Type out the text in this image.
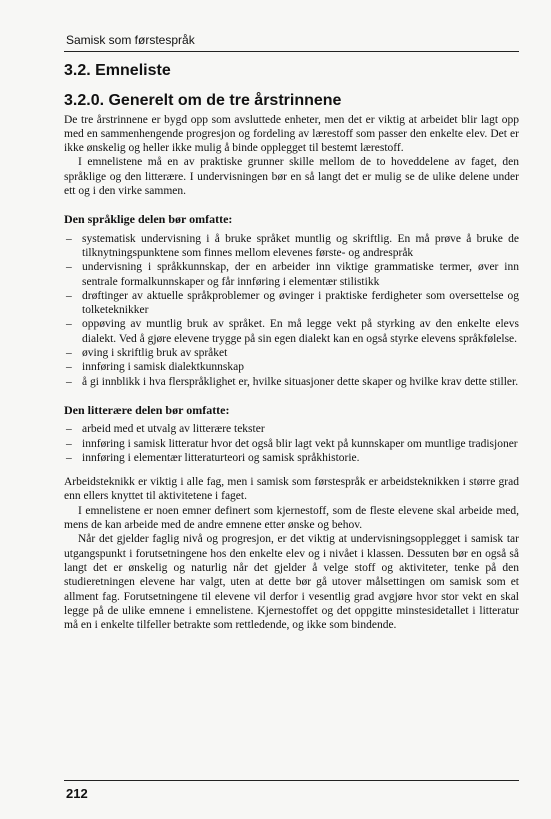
Samisk som førstespråk
3.2. Emneliste
3.2.0. Generelt om de tre årstrinnene

De tre årstrinnene er bygd opp som avsluttede enheter, men det er viktig at arbeidet blir lagt opp med en sammenhengende progresjon og fordeling av lærestoff som passer den enkelte elev. Det er ikke ønskelig og heller ikke mulig å binde opplegget til bestemt lærestoff.

I emnelistene må en av praktiske grunner skille mellom de to hoveddelene av faget, den språklige og den litterære. I undervisningen bør en så langt det er mulig se de ulike delene under ett og i den virke sammen.

Den språklige delen bør omfatte:
– systematisk undervisning i å bruke språket muntlig og skriftlig. En må prøve å bruke de tilknytningspunktene som finnes mellom elevenes første- og andrespråk
– undervisning i språkkunnskap, der en arbeider inn viktige grammatiske termer, øver inn sentrale formalkunnskaper og får innføring i elementær stilistikk
– drøftinger av aktuelle språkproblemer og øvinger i praktiske ferdigheter som oversettelse og tolketeknikker
– oppøving av muntlig bruk av språket. En må legge vekt på styrking av den enkelte elevs dialekt. Ved å gjøre elevene trygge på sin egen dialekt kan en også styrke elevens språkfølelse.
– øving i skriftlig bruk av språket
– innføring i samisk dialektkunnskap
– å gi innblikk i hva flerspråklighet er, hvilke situasjoner dette skaper og hvilke krav dette stiller.
Den litterære delen bør omfatte:
– arbeid med et utvalg av litterære tekster
– innføring i samisk litteratur hvor det også blir lagt vekt på kunnskaper om muntlige tradisjoner
– innføring i elementær litteraturteori og samisk språkhistorie.

Arbeidsteknikk er viktig i alle fag, men i samisk som førstespråk er arbeidsteknikken i større grad enn ellers knyttet til aktivitetene i faget.

I emnelistene er noen emner definert som kjernestoff, som de fleste elevene skal arbeide med, mens de kan arbeide med de andre emnene etter ønske og behov.

Når det gjelder faglig nivå og progresjon, er det viktig at undervisningsopplegget i samisk tar utgangspunkt i forutsetningene hos den enkelte elev og i nivået i klassen. Dessuten bør en også så langt det er ønskelig og naturlig når det gjelder å velge stoff og aktiviteter, tenke på den studieretningen elevene har valgt, uten at dette bør gå utover målsettingen om samisk som et allment fag. Forutsetningene til elevene vil derfor i vesentlig grad avgjøre hvor stor vekt en skal legge på de ulike emnene i emnelistene. Kjernestoffet og det oppgitte minstesidetallet i litteratur må en i enkelte tilfeller betrakte som rettledende, og ikke som bindende.

212
